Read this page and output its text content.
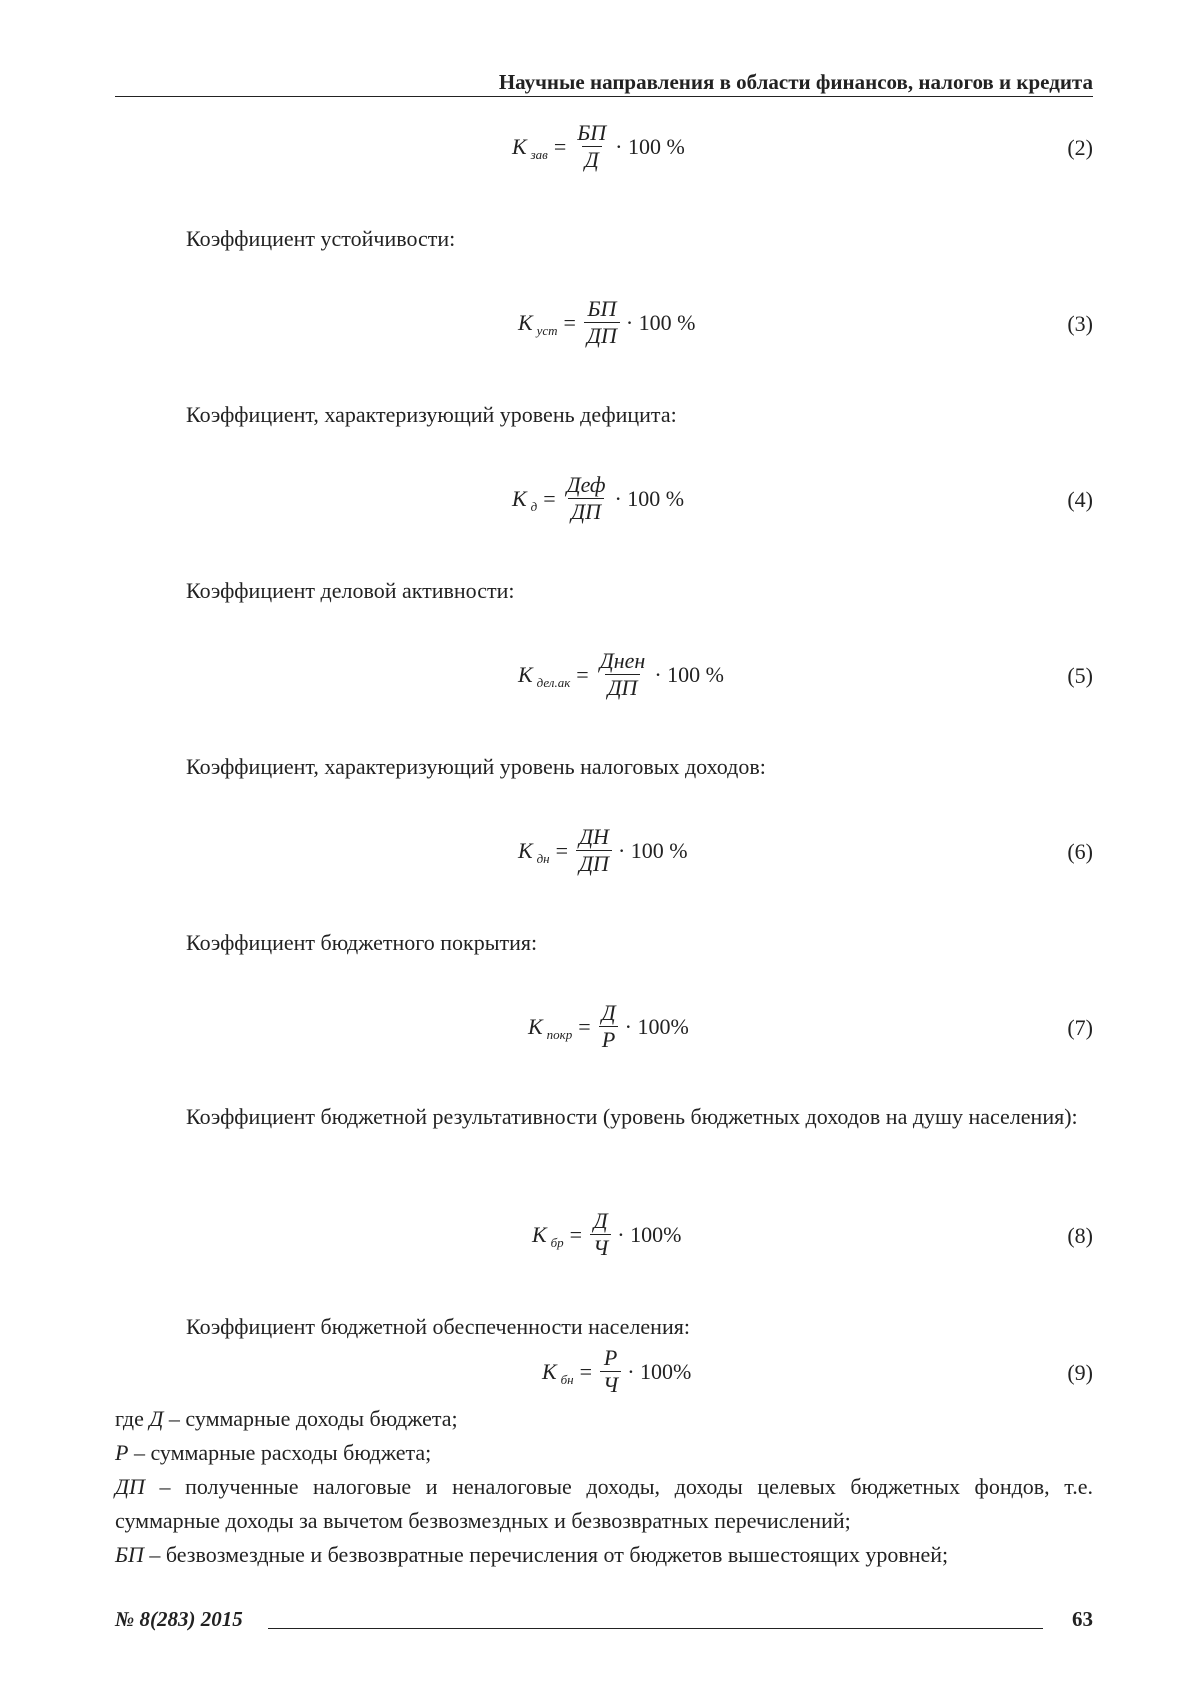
Научные направления в области финансов, налогов и кредита
К зав =
БП
Д
· 100 %	(2)
Коэффициент устойчивости:
К уст =
БП
ДП
· 100 %	(3)
Коэффициент, характеризующий уровень дефицита:
К д =
Деф
ДП
· 100 %	(4)
Коэффициент деловой активности:
К дел.ак =
Днен
ДП
· 100 %	(5)
Коэффициент, характеризующий уровень налоговых доходов:
К дн =
ДН
ДП
· 100 %	(6)
Коэффициент бюджетного покрытия:
К покр =
Д
Р
· 100%	(7)
Коэффициент бюджетной результативности (уровень бюджетных доходов на душу населения):
К бр =
Д
Ч
· 100%	(8)
Коэффициент бюджетной обеспеченности населения:
К бн =
Р
Ч
· 100%	(9)
где Д – суммарные доходы бюджета;
Р – суммарные расходы бюджета;
ДП – полученные налоговые и неналоговые доходы, доходы целевых бюджетных фондов, т.е. суммарные доходы за вычетом безвозмездных и безвозвратных перечислений;
БП – безвозмездные и безвозвратные перечисления от бюджетов вышестоящих уровней;
№ 8(283) 2015	63
